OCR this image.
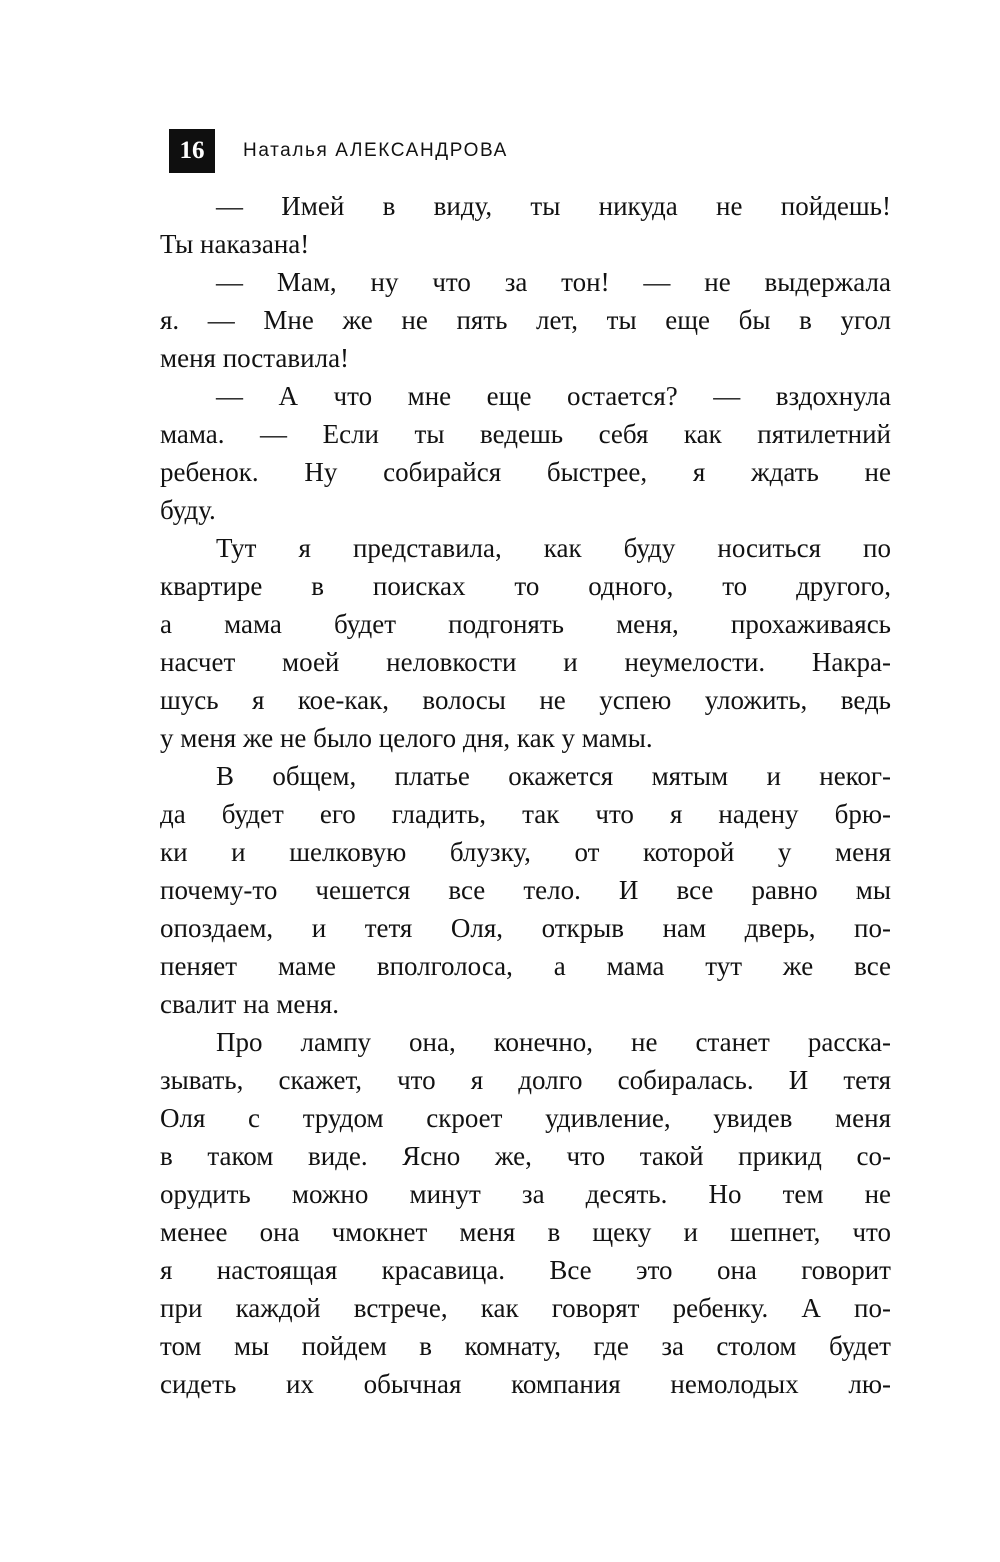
16	Наталья АЛЕКСАНДРОВА
— Имей в виду, ты никуда не пойдешь!
Ты наказана!
— Мам, ну что за тон! — не выдержала
я. — Мне же не пять лет, ты еще бы в угол
меня поставила!
— А что мне еще остается? — вздохнула
мама. — Если ты ведешь себя как пятилетний
ребенок. Ну собирайся быстрее, я ждать не
буду.
Тут я представила, как буду носиться по
квартире в поисках то одного, то другого,
а мама будет подгонять меня, прохаживаясь
насчет моей неловкости и неумелости. Накра-
шусь я кое-как, волосы не успею уложить, ведь
у меня же не было целого дня, как у мамы.
В общем, платье окажется мятым и неког-
да будет его гладить, так что я надену брю-
ки и шелковую блузку, от которой у меня
почему-то чешется все тело. И все равно мы
опоздаем, и тетя Оля, открыв нам дверь, по-
пеняет маме вполголоса, а мама тут же все
свалит на меня.
Про лампу она, конечно, не станет расска-
зывать, скажет, что я долго собиралась. И тетя
Оля с трудом скроет удивление, увидев меня
в таком виде. Ясно же, что такой прикид со-
орудить можно минут за десять. Но тем не
менее она чмокнет меня в щеку и шепнет, что
я настоящая красавица. Все это она говорит
при каждой встрече, как говорят ребенку. А по-
том мы пойдем в комнату, где за столом будет
сидеть их обычная компания немолодых лю-
